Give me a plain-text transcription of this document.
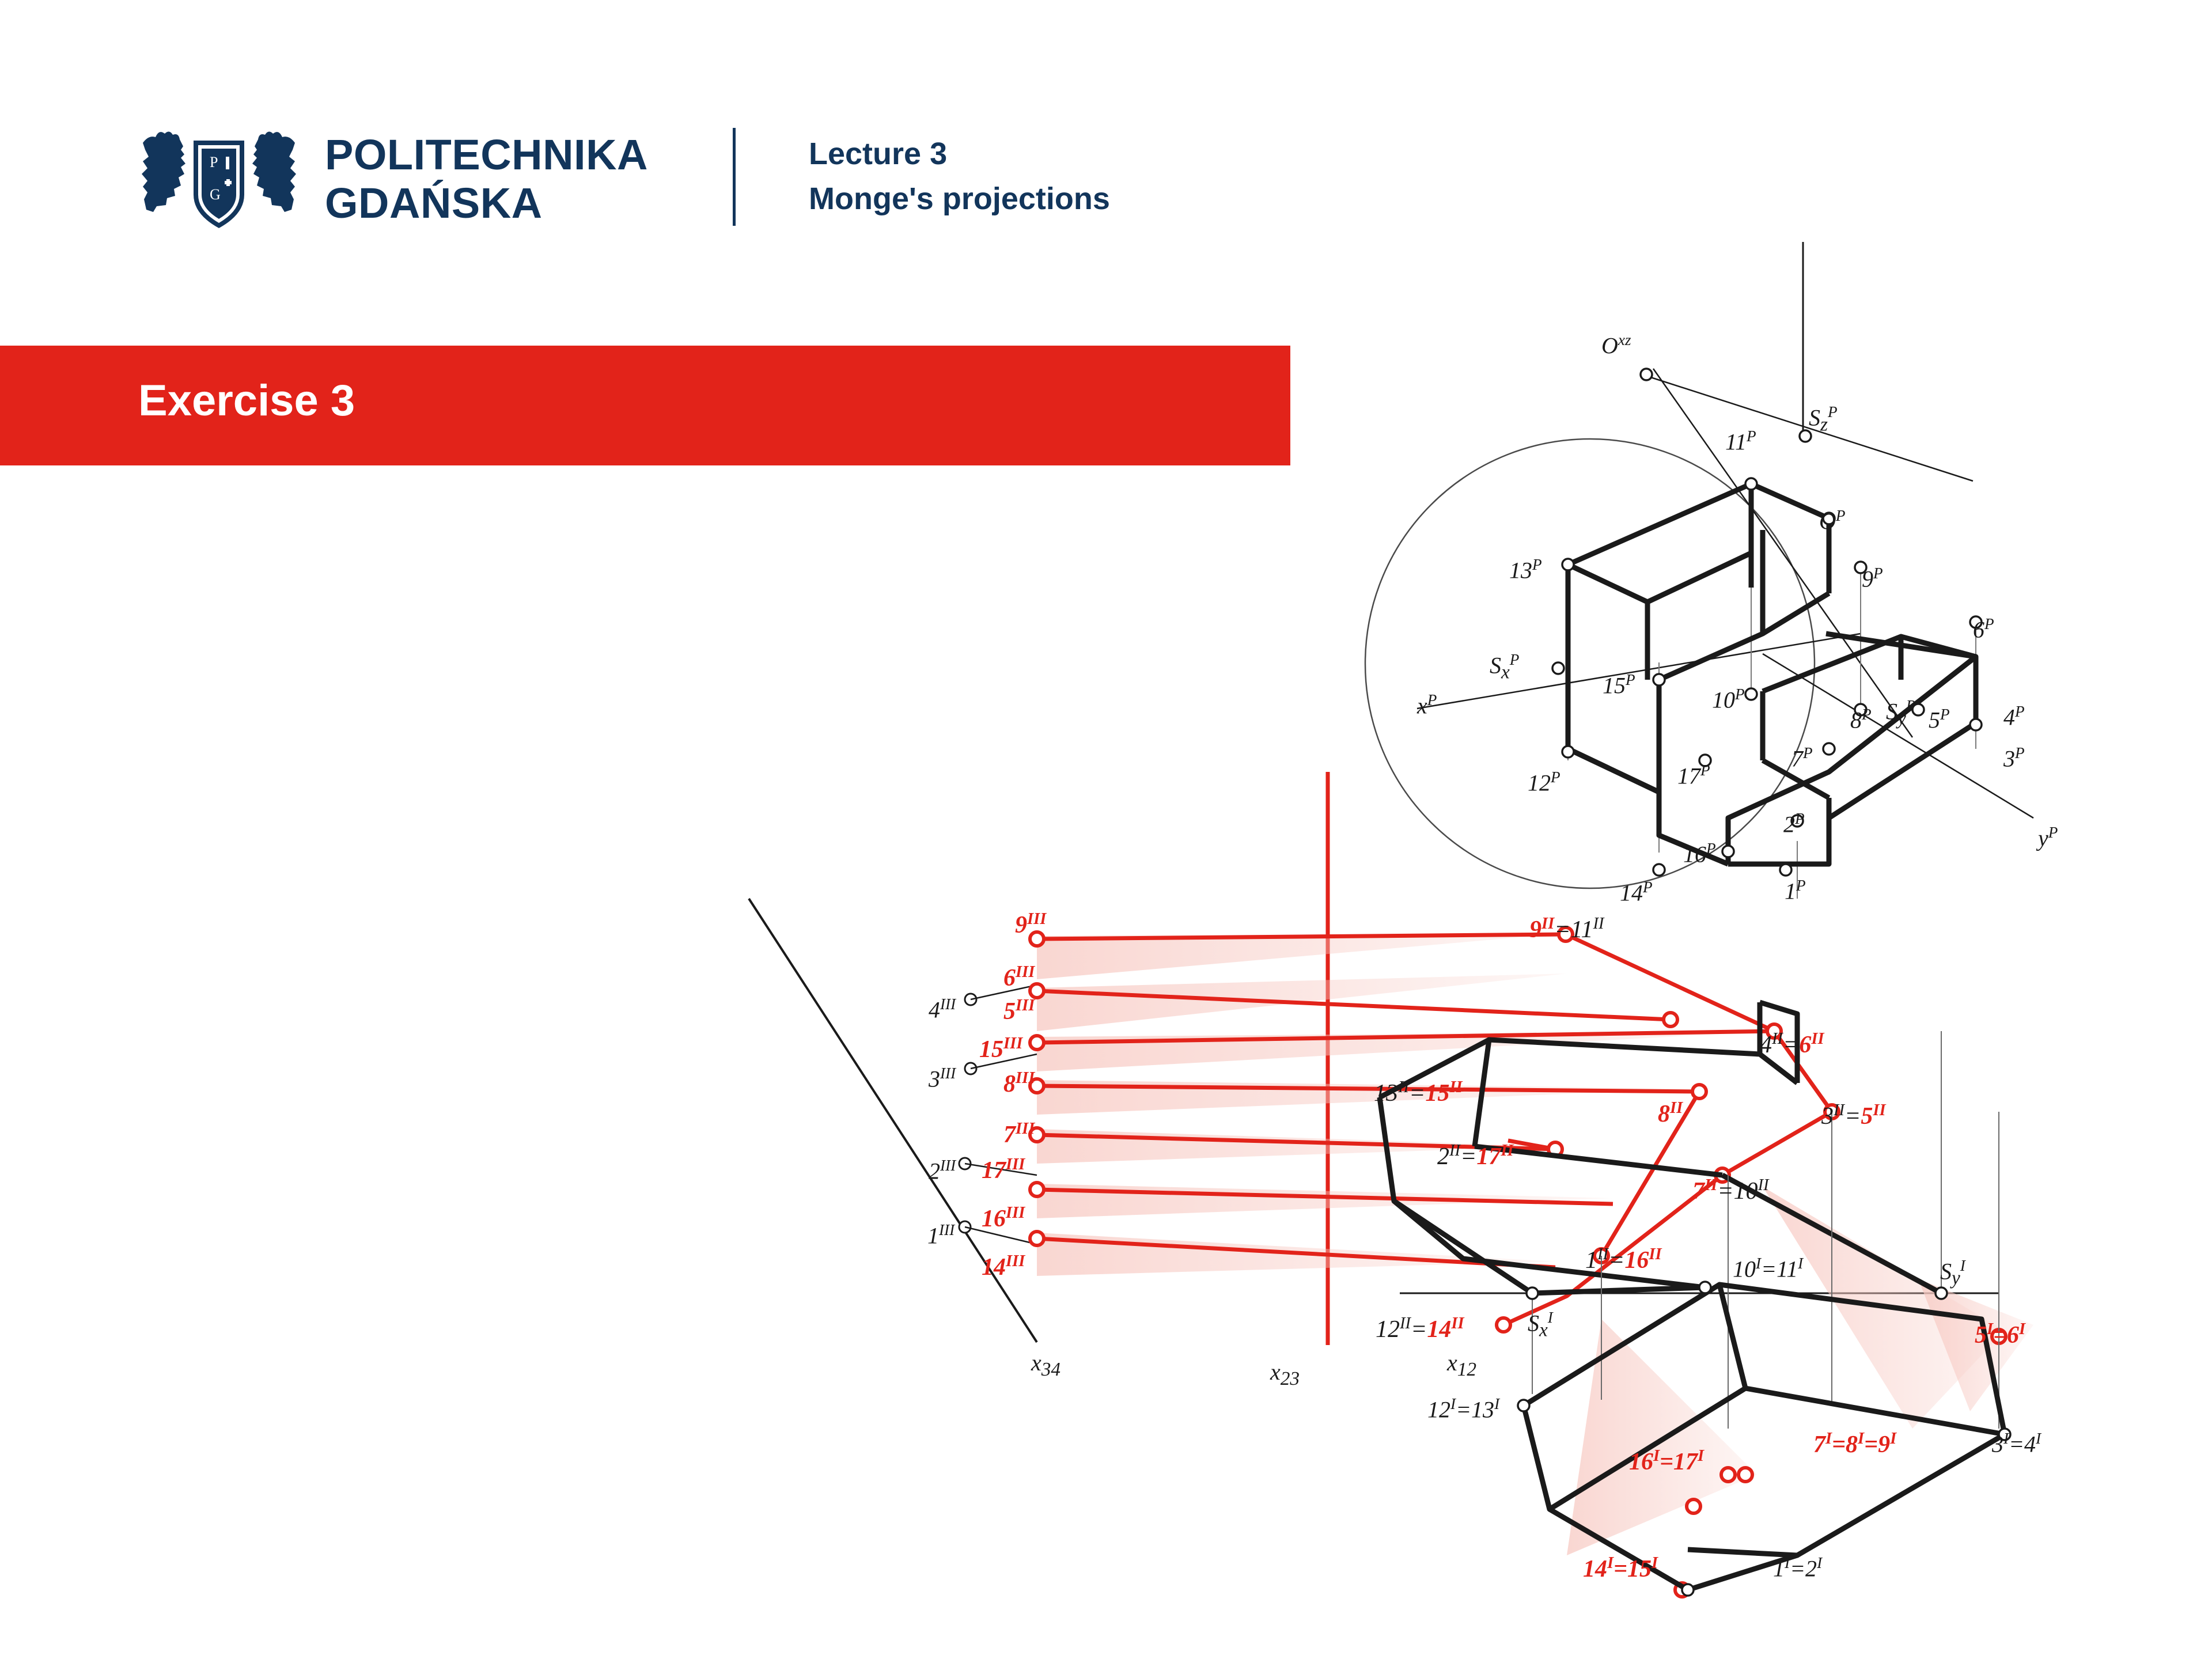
P
G
POLITECHNIKA
GDAŃSKA
Lecture 3
Monge's projections
Exercise 3
$O^{xz}$
$S_z^P$
$11^P$
$O^P$
$13^P$
$9^P$
$6^P$
$S_x^P$
$15^P$
$10^P$
$x^P$
$8^P$ $S_y^P$
$5^P$ $4^P$
$3^P$
$7^P$
$12^P$	$17^P$
$2^P$
$y^P$
$16^P$
$14^P$	$1^P$
$9^{III}$
$4^{III}$
$6^{III}$
$5^{III}$
$3^{III}$
$15^{III}$
$8^{III}$
$7^{III}$
$2^{III}$ $17^{III}$
$16^{III}$
$1^{III}$
$14^{III}$
$9^{II}=11^{II}$
$4^{II}=6^{II}$
$13^{II}=15^{II}$
$3^{II}=5^{II}$
$8^{II}$
$2^{II}=17^{II}$
$7^{II}=10^{II}$
$1^{II}=16^{II}$
$10^I=11^I$
$12^{II}=14^{II}$	$S_x^I$
$S_y^I$
$12^I=13^I$
$5^I=6^I$
$7^I=8^I=9^I$	$3^I=4^I$
$16^I=17^I$
$14^I=15^I$	$1^I=2^I$
$x_{34}$	$x_{23}$
$x_{12}$
